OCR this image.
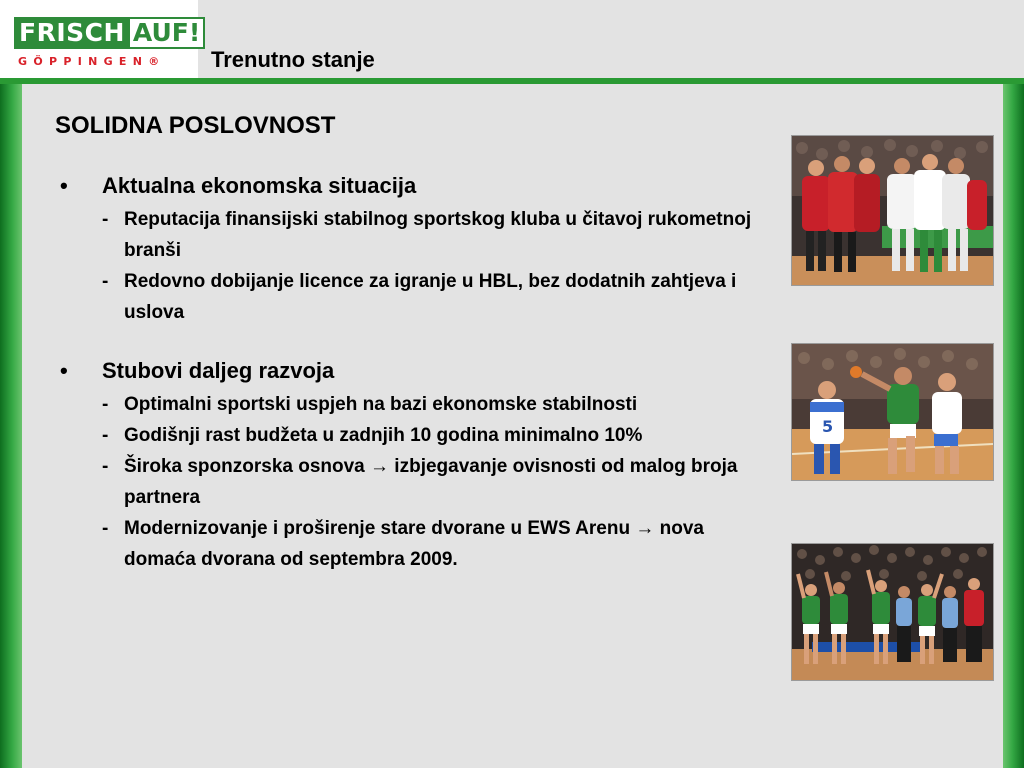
FRISCH AUF!
GÖPPINGEN® Trenutno stanje
SOLIDNA POSLOVNOST
•	Aktualna ekonomska situacija
- Reputacija finansijski stabilnog sportskog kluba u čitavoj rukometnoj branši
- Redovno dobijanje licence za igranje u HBL, bez dodatnih zahtjeva i uslova
•	Stubovi daljeg razvoja
- Optimalni sportski uspjeh na bazi ekonomske stabilnosti
- Godišnji rast budžeta u zadnjih 10 godina minimalno 10%
- Široka sponzorska osnova → izbjegavanje ovisnosti od malog broja partnera
- Modernizovanje i proširenje stare dvorane u EWS Arenu → nova domaća dvorana od septembra 2009.
5
